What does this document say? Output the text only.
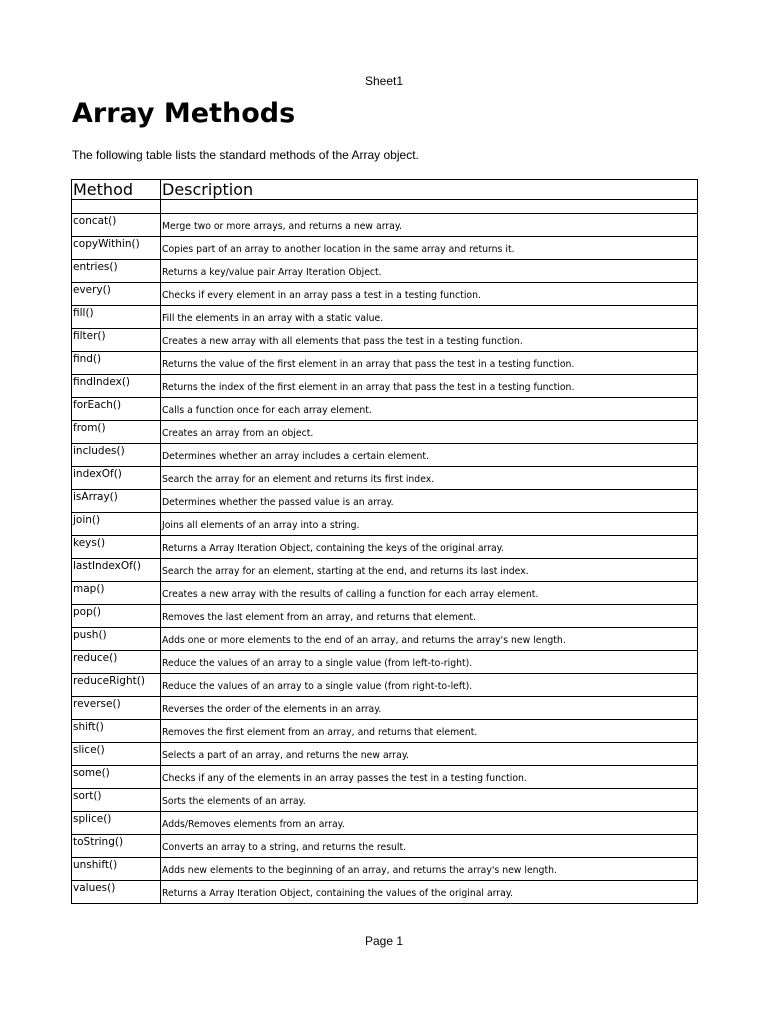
Sheet1
Array Methods
The following table lists the standard methods of the Array object.
Method	Description

concat()	Merge two or more arrays, and returns a new array.
copyWithin()	Copies part of an array to another location in the same array and returns it.
entries()	Returns a key/value pair Array Iteration Object.
every()	Checks if every element in an array pass a test in a testing function.
fill()	Fill the elements in an array with a static value.
filter()	Creates a new array with all elements that pass the test in a testing function.
find()	Returns the value of the first element in an array that pass the test in a testing function.
findIndex()	Returns the index of the first element in an array that pass the test in a testing function.
forEach()	Calls a function once for each array element.
from()	Creates an array from an object.
includes()	Determines whether an array includes a certain element.
indexOf()	Search the array for an element and returns its first index.
isArray()	Determines whether the passed value is an array.
join()	Joins all elements of an array into a string.
keys()	Returns a Array Iteration Object, containing the keys of the original array.
lastIndexOf()	Search the array for an element, starting at the end, and returns its last index.
map()	Creates a new array with the results of calling a function for each array element.
pop()	Removes the last element from an array, and returns that element.
push()	Adds one or more elements to the end of an array, and returns the array's new length.
reduce()	Reduce the values of an array to a single value (from left-to-right).
reduceRight()	Reduce the values of an array to a single value (from right-to-left).
reverse()	Reverses the order of the elements in an array.
shift()	Removes the first element from an array, and returns that element.
slice()	Selects a part of an array, and returns the new array.
some()	Checks if any of the elements in an array passes the test in a testing function.
sort()	Sorts the elements of an array.
splice()	Adds/Removes elements from an array.
toString()	Converts an array to a string, and returns the result.
unshift()	Adds new elements to the beginning of an array, and returns the array's new length.
values()	Returns a Array Iteration Object, containing the values of the original array.
Page 1
